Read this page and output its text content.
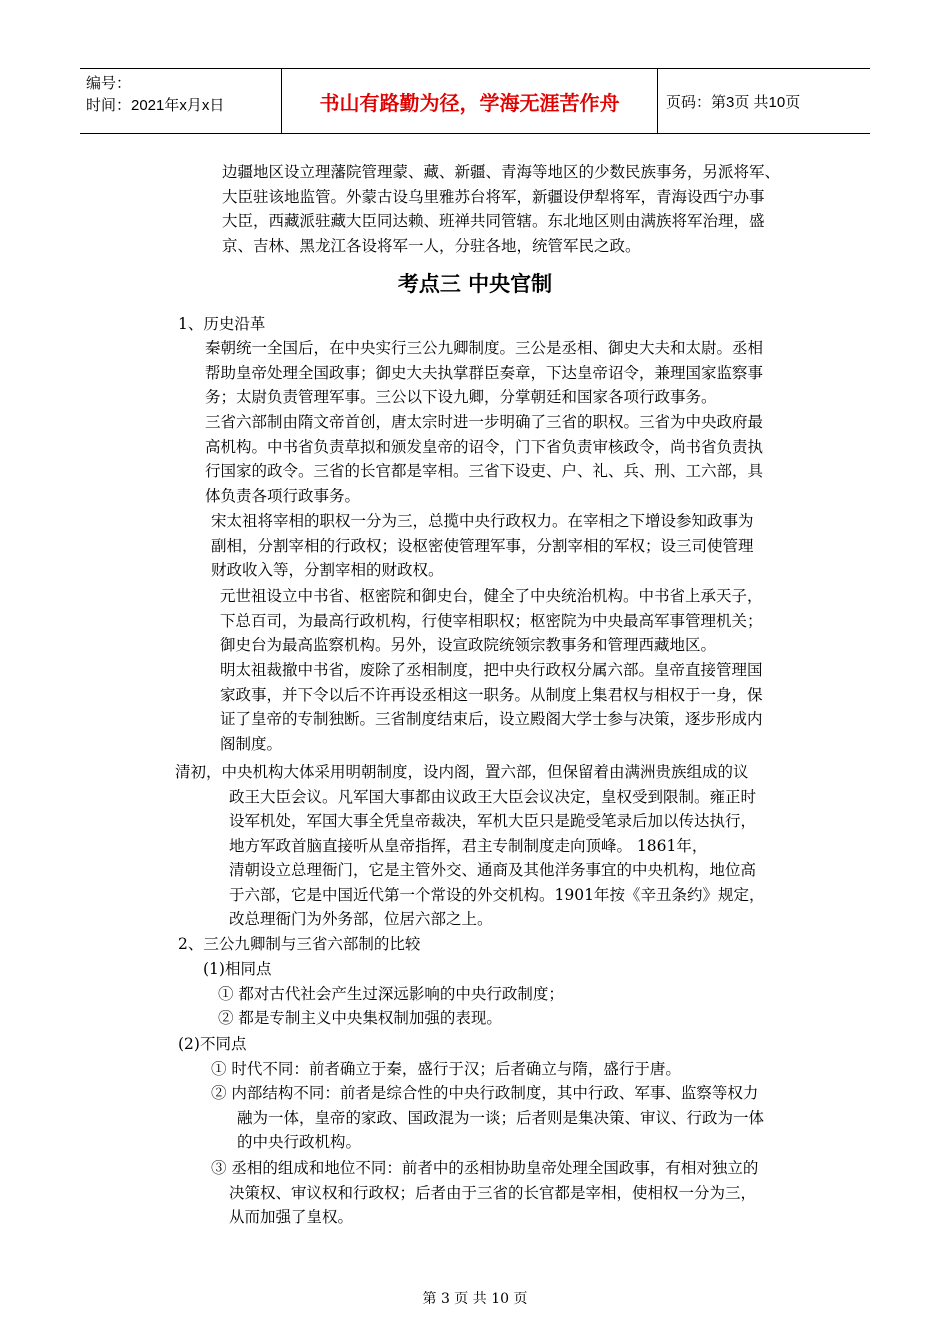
编号：
时间：2021年x月x日	书山有路勤为径，学海无涯苦作舟	页码：第3页 共10页
边疆地区设立理藩院管理蒙、藏、新疆、青海等地区的少数民族事务，另派将军、
大臣驻该地监管。外蒙古设乌里雅苏台将军，新疆设伊犁将军，青海设西宁办事
大臣，西藏派驻藏大臣同达赖、班禅共同管辖。东北地区则由满族将军治理，盛
京、吉林、黑龙江各设将军一人，分驻各地，统管军民之政。
考点三 中央官制
1、历史沿革
秦朝统一全国后，在中央实行三公九卿制度。三公是丞相、御史大夫和太尉。丞相
帮助皇帝处理全国政事；御史大夫执掌群臣奏章，下达皇帝诏令，兼理国家监察事
务；太尉负责管理军事。三公以下设九卿，分掌朝廷和国家各项行政事务。
三省六部制由隋文帝首创，唐太宗时进一步明确了三省的职权。三省为中央政府最
高机构。中书省负责草拟和颁发皇帝的诏令，门下省负责审核政令，尚书省负责执
行国家的政令。三省的长官都是宰相。三省下设吏、户、礼、兵、刑、工六部，具
体负责各项行政事务。
宋太祖将宰相的职权一分为三，总揽中央行政权力。在宰相之下增设参知政事为
副相，分割宰相的行政权；设枢密使管理军事，分割宰相的军权；设三司使管理
财政收入等，分割宰相的财政权。
元世祖设立中书省、枢密院和御史台，健全了中央统治机构。中书省上承天子，
下总百司，为最高行政机构，行使宰相职权；枢密院为中央最高军事管理机关；
御史台为最高监察机构。另外，设宣政院统领宗教事务和管理西藏地区。
明太祖裁撤中书省，废除了丞相制度，把中央行政权分属六部。皇帝直接管理国
家政事，并下令以后不许再设丞相这一职务。从制度上集君权与相权于一身，保
证了皇帝的专制独断。三省制度结束后，设立殿阁大学士参与决策，逐步形成内
阁制度。
清初，中央机构大体采用明朝制度，设内阁，置六部，但保留着由满洲贵族组成的议
政王大臣会议。凡军国大事都由议政王大臣会议决定，皇权受到限制。雍正时
设军机处，军国大事全凭皇帝裁决，军机大臣只是跪受笔录后加以传达执行，
地方军政首脑直接听从皇帝指挥，君主专制制度走向顶峰。 1861年，
清朝设立总理衙门，它是主管外交、通商及其他洋务事宜的中央机构，地位高
于六部，它是中国近代第一个常设的外交机构。1901年按《辛丑条约》规定，
改总理衙门为外务部，位居六部之上。
2、三公九卿制与三省六部制的比较
(1)相同点
① 都对古代社会产生过深远影响的中央行政制度；
② 都是专制主义中央集权制加强的表现。
(2)不同点
① 时代不同：前者确立于秦，盛行于汉；后者确立与隋，盛行于唐。
② 内部结构不同：前者是综合性的中央行政制度，其中行政、军事、监察等权力
融为一体，皇帝的家政、国政混为一谈；后者则是集决策、审议、行政为一体
的中央行政机构。
③ 丞相的组成和地位不同：前者中的丞相协助皇帝处理全国政事，有相对独立的
决策权、审议权和行政权；后者由于三省的长官都是宰相，使相权一分为三，
从而加强了皇权。
第 3 页 共 10 页
